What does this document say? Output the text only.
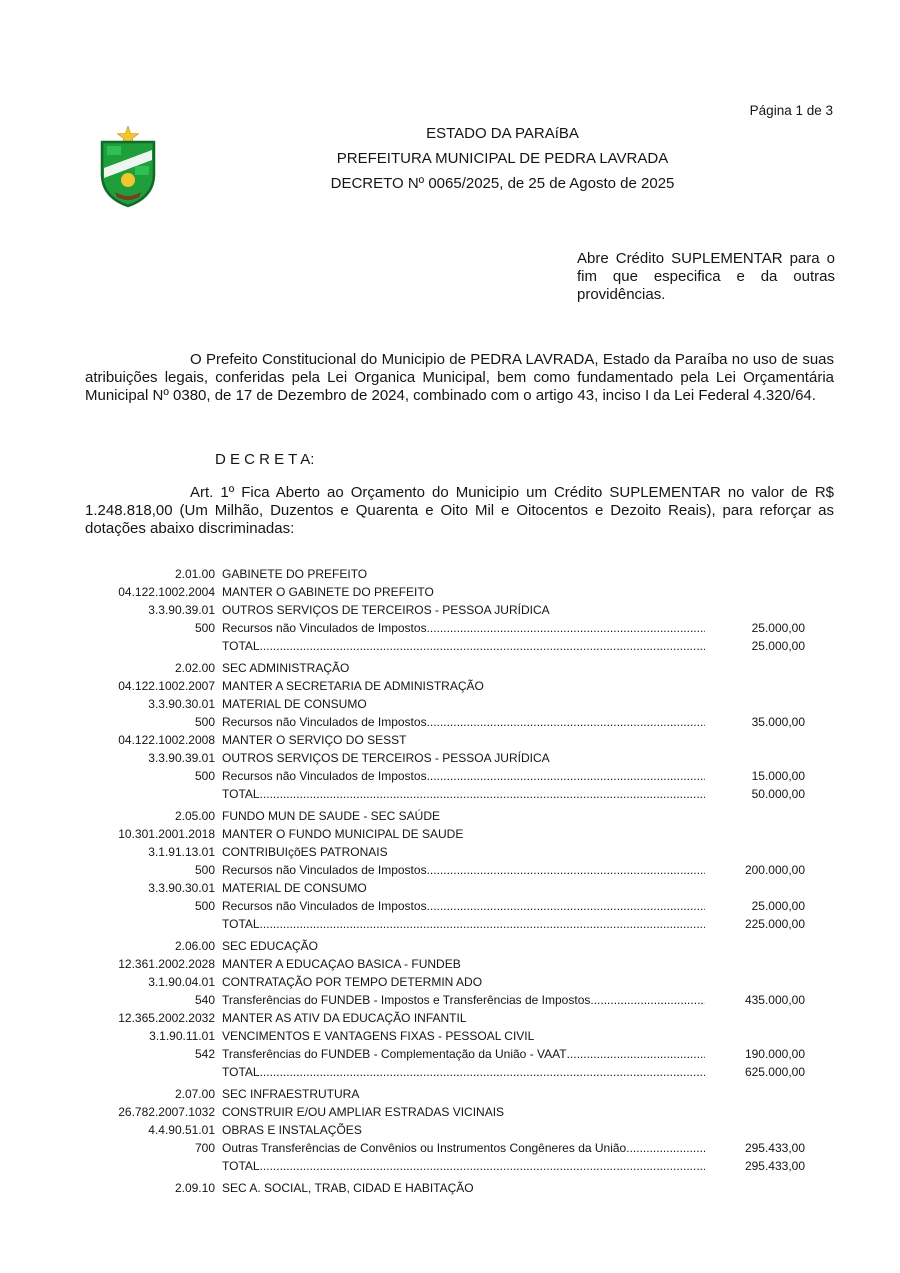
Página 1 de 3
ESTADO DA PARAíBA
PREFEITURA MUNICIPAL DE PEDRA LAVRADA
DECRETO Nº 0065/2025, de 25 de Agosto de 2025
Abre Crédito SUPLEMENTAR para o fim que especifica e da outras providências.

O Prefeito Constitucional do Municipio de PEDRA LAVRADA, Estado da Paraíba no uso de suas atribuições legais, conferidas pela Lei Organica Municipal, bem como fundamentado pela Lei Orçamentária Municipal Nº 0380, de 17 de Dezembro de 2024, combinado com o artigo 43, inciso I da Lei Federal 4.320/64.

D E C R E T A:

Art. 1º Fica Aberto ao Orçamento do Municipio um Crédito SUPLEMENTAR no valor de R$ 1.248.818,00 (Um Milhão, Duzentos e Quarenta e Oito Mil e Oitocentos e Dezoito Reais), para reforçar as dotações abaixo discriminadas:

2.01.00 GABINETE DO PREFEITO
04.122.1002.2004 MANTER O GABINETE DO PREFEITO
3.3.90.39.01 OUTROS SERVIÇOS DE TERCEIROS - PESSOA JURÍDICA
500 Recursos não Vinculados de Impostos .....	25.000,00
TOTAL .....	25.000,00
2.02.00 SEC ADMINISTRAÇÃO
04.122.1002.2007 MANTER A SECRETARIA DE ADMINISTRAÇÃO
3.3.90.30.01 MATERIAL DE CONSUMO
500 Recursos não Vinculados de Impostos .....	35.000,00
04.122.1002.2008 MANTER O SERVIÇO DO SESST
3.3.90.39.01 OUTROS SERVIÇOS DE TERCEIROS - PESSOA JURÍDICA
500 Recursos não Vinculados de Impostos .....	15.000,00
TOTAL .....	50.000,00
2.05.00 FUNDO MUN DE SAUDE - SEC SAÚDE
10.301.2001.2018 MANTER O FUNDO MUNICIPAL DE SAUDE
3.1.91.13.01 CONTRIBUIçõES PATRONAIS
500 Recursos não Vinculados de Impostos .....	200.000,00
3.3.90.30.01 MATERIAL DE CONSUMO
500 Recursos não Vinculados de Impostos .....	25.000,00
TOTAL .....	225.000,00
2.06.00 SEC EDUCAÇÃO
12.361.2002.2028 MANTER A EDUCAÇAO BASICA - FUNDEB
3.1.90.04.01 CONTRATAÇÃO POR TEMPO DETERMIN ADO
540 Transferências do FUNDEB - Impostos e Transferências de Impostos .....	435.000,00
12.365.2002.2032 MANTER AS ATIV DA EDUCAÇÃO INFANTIL
3.1.90.11.01 VENCIMENTOS E VANTAGENS FIXAS - PESSOAL CIVIL
542 Transferências do FUNDEB - Complementação da União - VAAT .....	190.000,00
TOTAL .....	625.000,00
2.07.00 SEC INFRAESTRUTURA
26.782.2007.1032 CONSTRUIR E/OU AMPLIAR ESTRADAS VICINAIS
4.4.90.51.01 OBRAS E INSTALAÇÕES
700 Outras Transferências de Convênios ou Instrumentos Congêneres da União .....	295.433,00
TOTAL .....	295.433,00
2.09.10 SEC A. SOCIAL, TRAB, CIDAD E HABITAÇÃO
